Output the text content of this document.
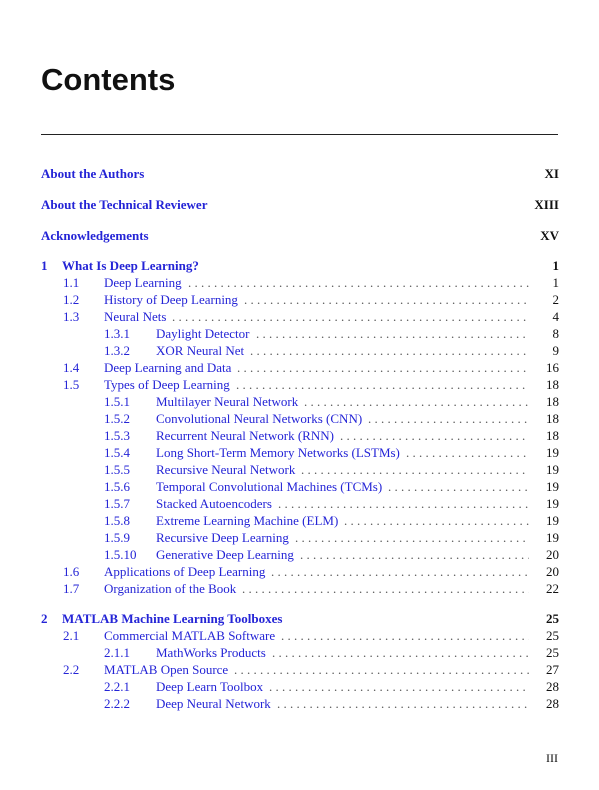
Contents
About the Authors	XI
About the Technical Reviewer	XIII
Acknowledgements	XV
1 What Is Deep Learning?	1
1.1 Deep Learning	1
. . .
1.2 History of Deep Learning	2
. . .
1.3 Neural Nets	4
. . .
1.3.1 Daylight Detector	8
. . .
1.3.2 XOR Neural Net	9
. . .
1.4 Deep Learning and Data	16
. . .
1.5 Types of Deep Learning	18
. . .
1.5.1 Multilayer Neural Network	18
. . .
1.5.2 Convolutional Neural Networks (CNN)	18
. . .
1.5.3 Recurrent Neural Network (RNN)	18
. . .
1.5.4 Long Short-Term Memory Networks (LSTMs)	19
. . .
1.5.5 Recursive Neural Network	19
. . .
1.5.6 Temporal Convolutional Machines (TCMs)	19
. . .
1.5.7 Stacked Autoencoders	19
. . .
1.5.8 Extreme Learning Machine (ELM)	19
. . .
1.5.9 Recursive Deep Learning	19
. . .
1.5.10 Generative Deep Learning	20
. . .
1.6 Applications of Deep Learning	20
. . .
1.7 Organization of the Book	22
. . .
2 MATLAB Machine Learning Toolboxes	25
2.1 Commercial MATLAB Software	25
. . .
2.1.1 MathWorks Products	25
. . .
2.2 MATLAB Open Source	27
. . .
2.2.1 Deep Learn Toolbox	28
. . .
2.2.2 Deep Neural Network	28
. . .
III
